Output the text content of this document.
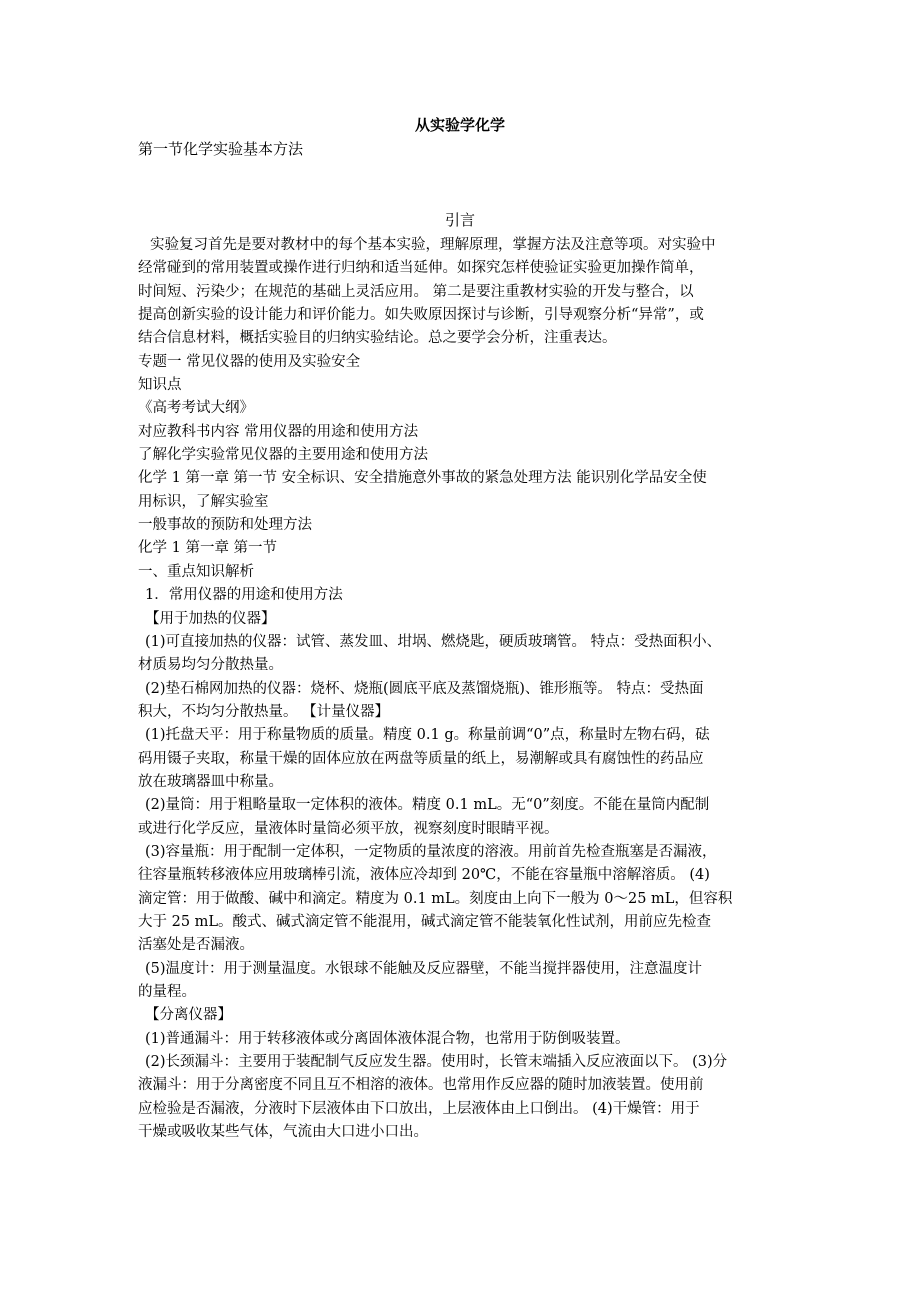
从实验学化学
第一节化学实验基本方法
引言
实验复习首先是要对教材中的每个基本实验，理解原理，掌握方法及注意等项。对实验中
经常碰到的常用装置或操作进行归纳和适当延伸。如探究怎样使验证实验更加操作简单，
时间短、污染少；在规范的基础上灵活应用。 第二是要注重教材实验的开发与整合，以
提高创新实验的设计能力和评价能力。如失败原因探讨与诊断，引导观察分析“异常”，或
结合信息材料，概括实验目的归纳实验结论。总之要学会分析，注重表达。
专题一 常见仪器的使用及实验安全
知识点
《高考考试大纲》
对应教科书内容 常用仪器的用途和使用方法
了解化学实验常见仪器的主要用途和使用方法
化学 1 第一章 第一节 安全标识、安全措施意外事故的紧急处理方法 能识别化学品安全使
用标识，了解实验室
一般事故的预防和处理方法
化学 1 第一章 第一节
一、重点知识解析
1．常用仪器的用途和使用方法
【用于加热的仪器】
(1)可直接加热的仪器：试管、蒸发皿、坩埚、燃烧匙，硬质玻璃管。 特点：受热面积小、
材质易均匀分散热量。
(2)垫石棉网加热的仪器：烧杯、烧瓶(圆底平底及蒸馏烧瓶)、锥形瓶等。 特点：受热面
积大，不均匀分散热量。 【计量仪器】
(1)托盘天平：用于称量物质的质量。精度 0.1 g。称量前调“0”点，称量时左物右码，砝
码用镊子夹取，称量干燥的固体应放在两盘等质量的纸上，易潮解或具有腐蚀性的药品应
放在玻璃器皿中称量。
(2)量筒：用于粗略量取一定体积的液体。精度 0.1 mL。无“0”刻度。不能在量筒内配制
或进行化学反应，量液体时量筒必须平放，视察刻度时眼睛平视。
(3)容量瓶：用于配制一定体积，一定物质的量浓度的溶液。用前首先检查瓶塞是否漏液，
往容量瓶转移液体应用玻璃棒引流，液体应冷却到 20℃，不能在容量瓶中溶解溶质。 (4)
滴定管：用于做酸、碱中和滴定。精度为 0.1 mL。刻度由上向下一般为 0～25 mL，但容积
大于 25 mL。酸式、碱式滴定管不能混用，碱式滴定管不能装氧化性试剂，用前应先检查
活塞处是否漏液。
(5)温度计：用于测量温度。水银球不能触及反应器壁，不能当搅拌器使用，注意温度计
的量程。
【分离仪器】
(1)普通漏斗：用于转移液体或分离固体液体混合物，也常用于防倒吸装置。
(2)长颈漏斗：主要用于装配制气反应发生器。使用时，长管末端插入反应液面以下。 (3)分
液漏斗：用于分离密度不同且互不相溶的液体。也常用作反应器的随时加液装置。使用前
应检验是否漏液，分液时下层液体由下口放出，上层液体由上口倒出。 (4)干燥管：用于
干燥或吸收某些气体，气流由大口进小口出。
